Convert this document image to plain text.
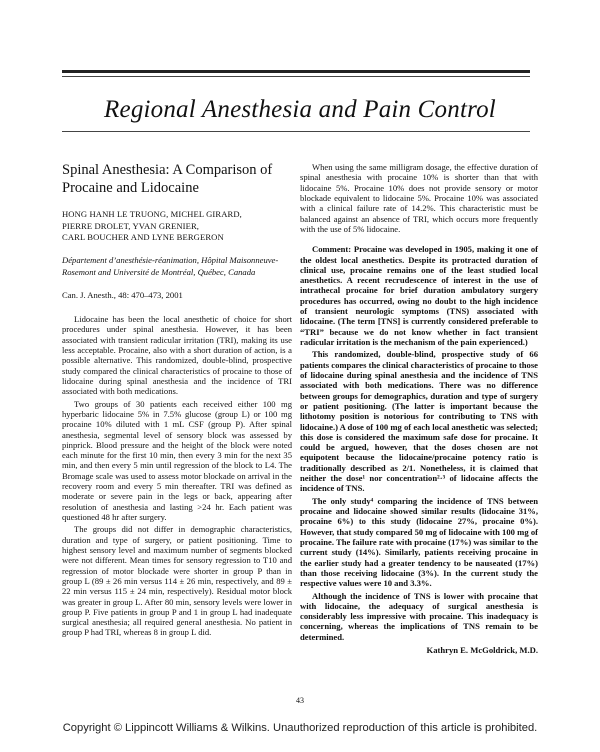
Regional Anesthesia and Pain Control
Spinal Anesthesia: A Comparison of Procaine and Lidocaine
HONG HANH LE TRUONG, MICHEL GIRARD,
PIERRE DROLET, YVAN GRENIER,
CARL BOUCHER AND LYNE BERGERON
Département d’anesthésie-réanimation, Hôpital Maisonneuve-Rosemont and Université de Montréal, Québec, Canada
Can. J. Anesth., 48: 470–473, 2001

Lidocaine has been the local anesthetic of choice for short procedures under spinal anesthesia. However, it has been associated with transient radicular irritation (TRI), making its use less acceptable. Procaine, also with a short duration of action, is a possible alternative. This randomized, double-blind, prospective study compared the clinical characteristics of procaine to those of lidocaine during spinal anesthesia and the incidence of TRI associated with both medications.

Two groups of 30 patients each received either 100 mg hyperbaric lidocaine 5% in 7.5% glucose (group L) or 100 mg procaine 10% diluted with 1 mL CSF (group P). After spinal anesthesia, segmental level of sensory block was assessed by pinprick. Blood pressure and the height of the block were noted each minute for the first 10 min, then every 3 min for the next 35 min, and then every 5 min until regression of the block to L4. The Bromage scale was used to assess motor blockade on arrival in the recovery room and every 5 min thereafter. TRI was defined as moderate or severe pain in the legs or back, appearing after resolution of anesthesia and lasting >24 hr. Each patient was questioned 48 hr after surgery.

The groups did not differ in demographic characteristics, duration and type of surgery, or patient positioning. Time to highest sensory level and maximum number of segments blocked were not different. Mean times for sensory regression to T10 and regression of motor blockade were shorter in group P than in group L (89 ± 26 min versus 114 ± 26 min, respectively, and 89 ± 22 min versus 115 ± 24 min, respectively). Residual motor block was greater in group L. After 80 min, sensory levels were lower in group P. Five patients in group P and 1 in group L had inadequate surgical anesthesia; all required general anesthesia. No patient in group P had TRI, whereas 8 in group L did.

When using the same milligram dosage, the effective duration of spinal anesthesia with procaine 10% is shorter than that with lidocaine 5%. Procaine 10% does not provide sensory or motor blockade equivalent to lidocaine 5%. Procaine 10% was associated with a clinical failure rate of 14.2%. This characteristic must be balanced against an absence of TRI, which occurs more frequently with the use of 5% lidocaine.

Comment: Procaine was developed in 1905, making it one of the oldest local anesthetics. Despite its protracted duration of clinical use, procaine remains one of the least studied local anesthetics. A recent recrudescence of interest in the use of intrathecal procaine for brief duration ambulatory surgery procedures has occurred, owing no doubt to the high incidence of transient neurologic symptoms (TNS) associated with lidocaine. (The term [TNS] is currently considered preferable to “TRI” because we do not know whether in fact transient radicular irritation is the mechanism of the pain experienced.)

This randomized, double-blind, prospective study of 66 patients compares the clinical characteristics of procaine to those of lidocaine during spinal anesthesia and the incidence of TNS associated with both medications. There was no difference between groups for demographics, duration and type of surgery or patient positioning. (The latter is important because the lithotomy position is notorious for contributing to TNS with lidocaine.) A dose of 100 mg of each local anesthetic was selected; this dose is considered the maximum safe dose for procaine. It could be argued, however, that the doses chosen are not equipotent because the lidocaine/procaine potency ratio is traditionally described as 2/1. Nonetheless, it is claimed that neither the dose¹ nor concentration²·³ of lidocaine affects the incidence of TNS.

The only study⁴ comparing the incidence of TNS between procaine and lidocaine showed similar results (lidocaine 31%, procaine 6%) to this study (lidocaine 27%, procaine 0%). However, that study compared 50 mg of lidocaine with 100 mg of procaine. The failure rate with procaine (17%) was similar to the current study (14%). Similarly, patients receiving procaine in the earlier study had a greater tendency to be nauseated (17%) than those receiving lidocaine (3%). In the current study the respective values were 10 and 3.3%.

Although the incidence of TNS is lower with procaine that with lidocaine, the adequacy of surgical anesthesia is considerably less impressive with procaine. This inadequacy is concerning, whereas the implications of TNS remain to be determined.

Kathryn E. McGoldrick, M.D.
43
Copyright © Lippincott Williams & Wilkins. Unauthorized reproduction of this article is prohibited.
